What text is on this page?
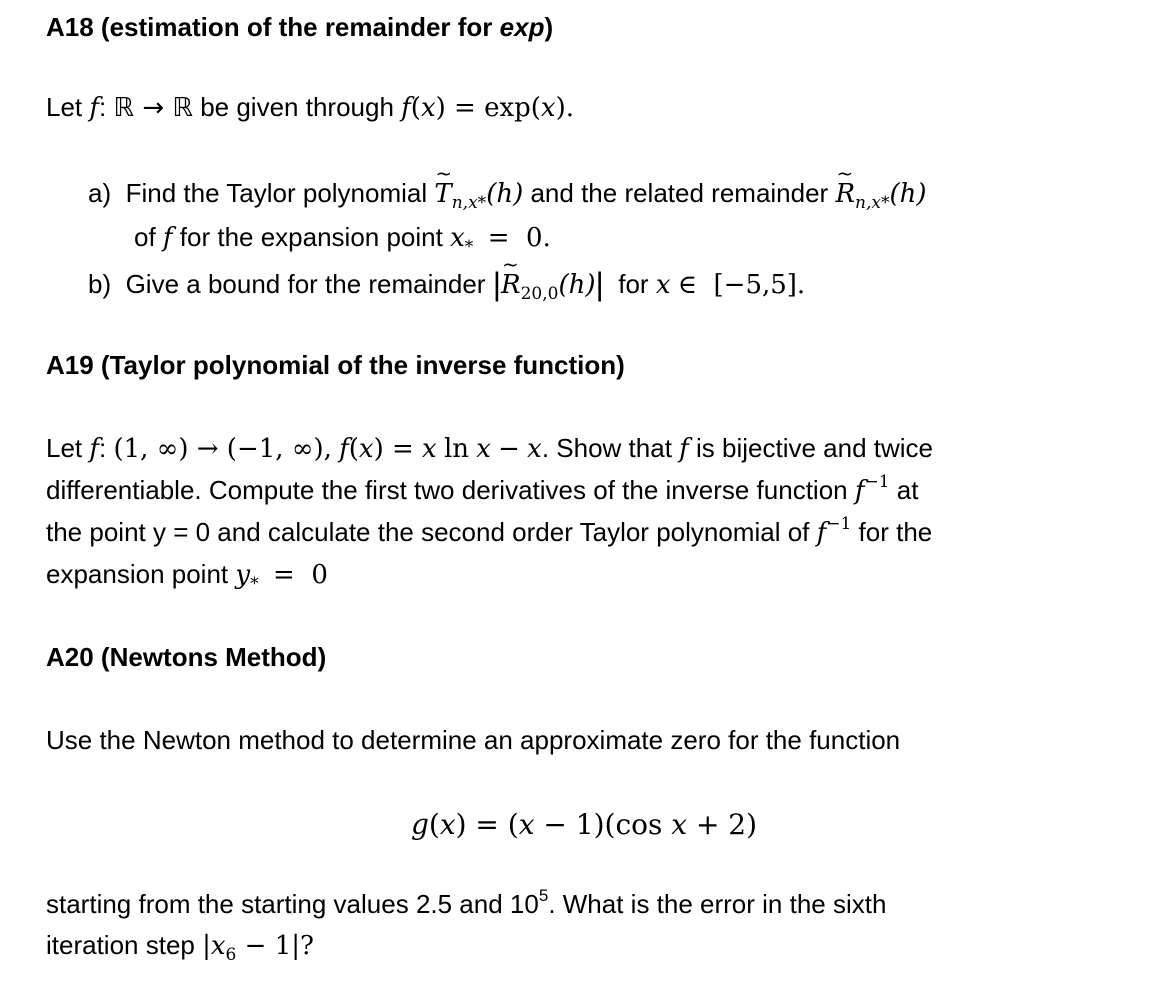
A18 (estimation of the remainder for exp)
Let f: ℝ → ℝ be given through f(x) = exp(x).
a) Find the Taylor polynomial ~ $T_{n,x*}(h)$ and the related remainder ~ $R_{n,x*}(h)$
of f for the expansion point $x_* = 0$.
b) Give a bound for the remainder |~ $R_{20,0}(h)|$ for x ∈  [−5,5].
A19 (Taylor polynomial of the inverse function)
Let f: (1, ∞) → (−1, ∞), f(x) = x ln x − x. Show that f is bijective and twice
differentiable. Compute the first two derivatives of the inverse function $f^{-1}$ at
the point y = 0 and calculate the second order Taylor polynomial of $f^{-1}$ for the
expansion point $y_* = 0$
A20 (Newtons Method)
Use the Newton method to determine an approximate zero for the function
g(x) = (x − 1)(cos x + 2)
starting from the starting values 2.5 and $10^5$. What is the error in the sixth
iteration step $|x_6 - 1|$?
